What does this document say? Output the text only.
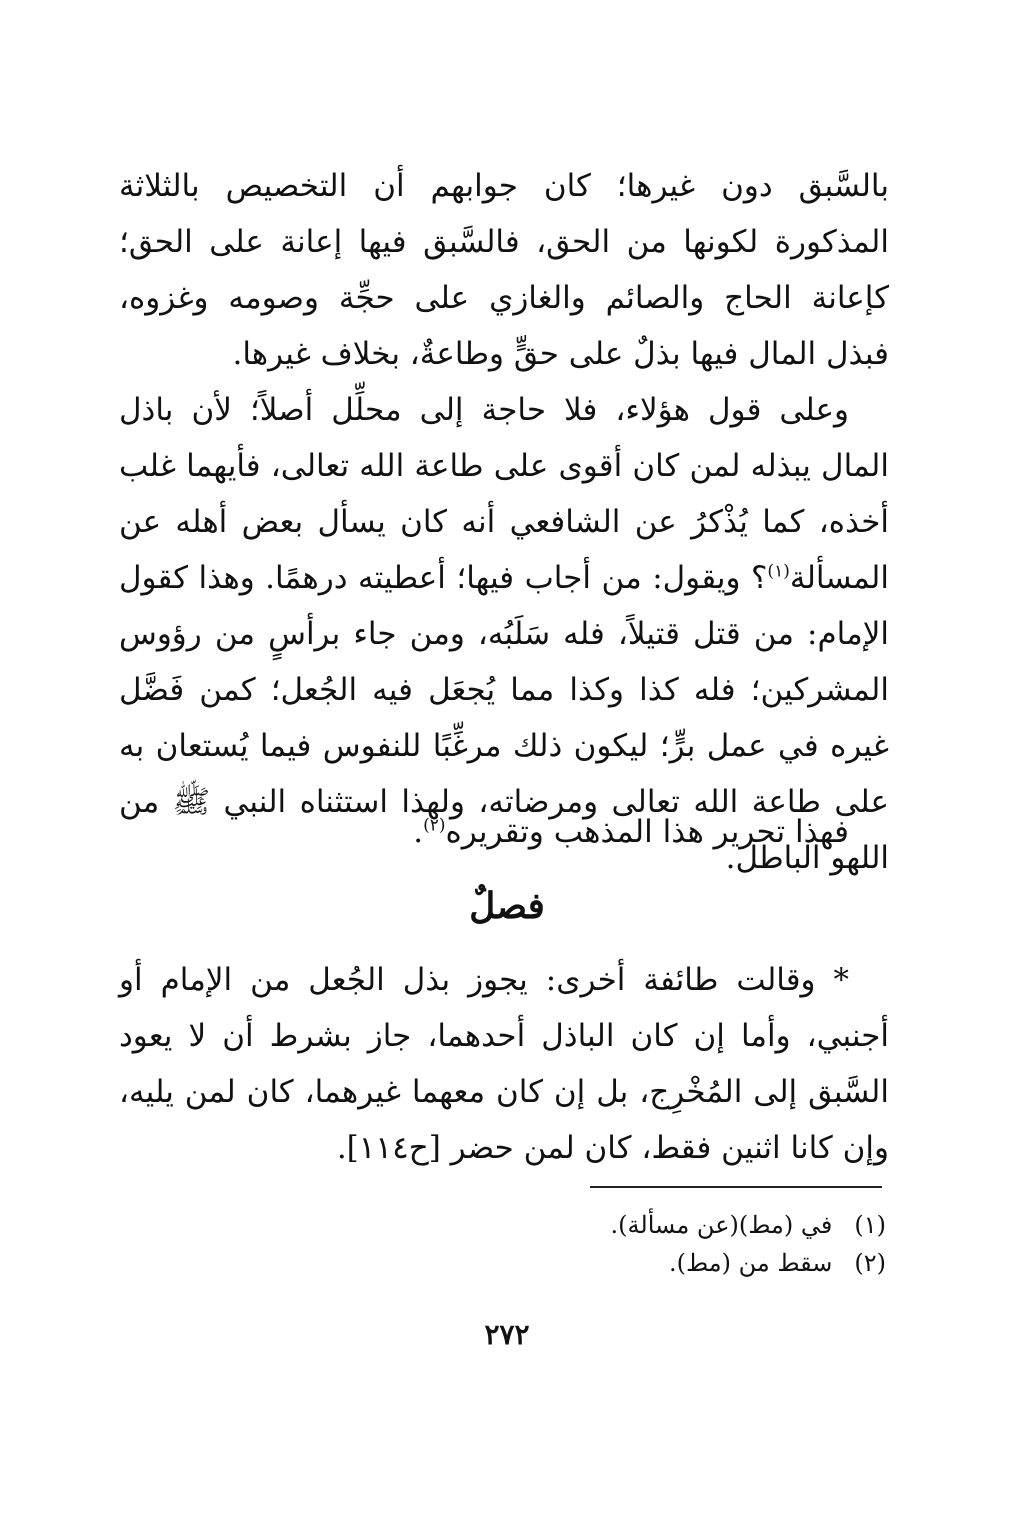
بالسَّبق دون غيرها؛ كان جوابهم أن التخصيص بالثلاثة المذكورة لكونها من الحق، فالسَّبق فيها إعانة على الحق؛ كإعانة الحاج والصائم والغازي على حجِّة وصومه وغزوه، فبذل المال فيها بذلٌ على حقٍّ وطاعةٌ، بخلاف غيرها.

وعلى قول هؤلاء، فلا حاجة إلى محلِّل أصلاً؛ لأن باذل المال يبذله لمن كان أقوى على طاعة الله تعالى، فأيهما غلب أخذه، كما يُذْكرُ عن الشافعي أنه كان يسأل بعض أهله عن المسألة$^{(١)}$؟ ويقول: من أجاب فيها؛ أعطيته درهمًا. وهذا كقول الإمام: من قتل قتيلاً، فله سَلَبُه، ومن جاء برأسٍ من رؤوس المشركين؛ فله كذا وكذا مما يُجعَل فيه الجُعل؛ كمن فَضَّل غيره في عمل برٍّ؛ ليكون ذلك مرغِّبًا للنفوس فيما يُستعان به على طاعة الله تعالى ومرضاته، ولهذا استثناه النبي ﷺ من اللهو الباطل.

فهذا تحرير هذا المذهب وتقريره$^{(٢)}$.

فصلٌ

* وقالت طائفة أخرى: يجوز بذل الجُعل من الإمام أو أجنبي، وأما إن كان الباذل أحدهما، جاز بشرط أن لا يعود السَّبق إلى المُخْرِج، بل إن كان معهما غيرهما، كان لمن يليه، وإن كانا اثنين فقط، كان لمن حضر [ح١١٤].

(١)
في (مط)(عن مسألة).
(٢)
سقط من (مط).
٢٧٢
